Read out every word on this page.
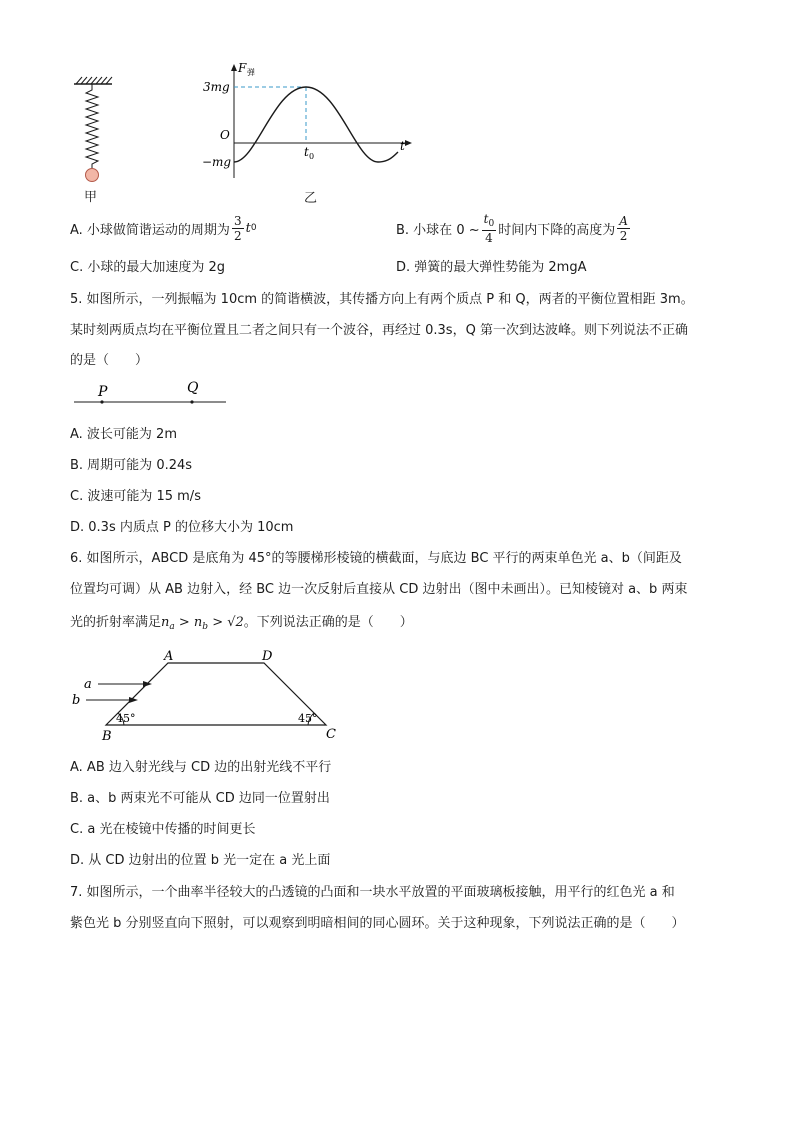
甲
F 弹
t
O
3mg
−mg
t 0
乙
A. 小球做简谐运动的周期为 $\frac{3}{2}$ t 0	B. 小球在 0 ~ $\frac{t_0}{4}$ 时间内下降的高度为 $\frac{A}{2}$
C. 小球的最大加速度为 2g	D. 弹簧的最大弹性势能为 2mgA
5. 如图所示，一列振幅为 10cm 的简谐横波，其传播方向上有两个质点 P 和 Q，两者的平衡位置相距 3m。
某时刻两质点均在平衡位置且二者之间只有一个波谷，再经过 0.3s，Q 第一次到达波峰。则下列说法不正确
的是（　　）
P	Q
A. 波长可能为 2m
B. 周期可能为 0.24s
C. 波速可能为 15 m/s
D. 0.3s 内质点 P 的位移大小为 10cm
6. 如图所示，ABCD 是底角为 45°的等腰梯形棱镜的横截面，与底边 BC 平行的两束单色光 a、b（间距及
位置均可调）从 AB 边射入，经 BC 边一次反射后直接从 CD 边射出（图中未画出）。已知棱镜对 a、b 两束
光的折射率满足$n_a > n_b > √2$。下列说法正确的是（　　）
A	D
B	C
a
b
45°	45°
A. AB 边入射光线与 CD 边的出射光线不平行
B. a、b 两束光不可能从 CD 边同一位置射出
C. a 光在棱镜中传播的时间更长
D. 从 CD 边射出的位置 b 光一定在 a 光上面
7. 如图所示，一个曲率半径较大的凸透镜的凸面和一块水平放置的平面玻璃板接触，用平行的红色光 a 和
紫色光 b 分别竖直向下照射，可以观察到明暗相间的同心圆环。关于这种现象，下列说法正确的是（　　）
